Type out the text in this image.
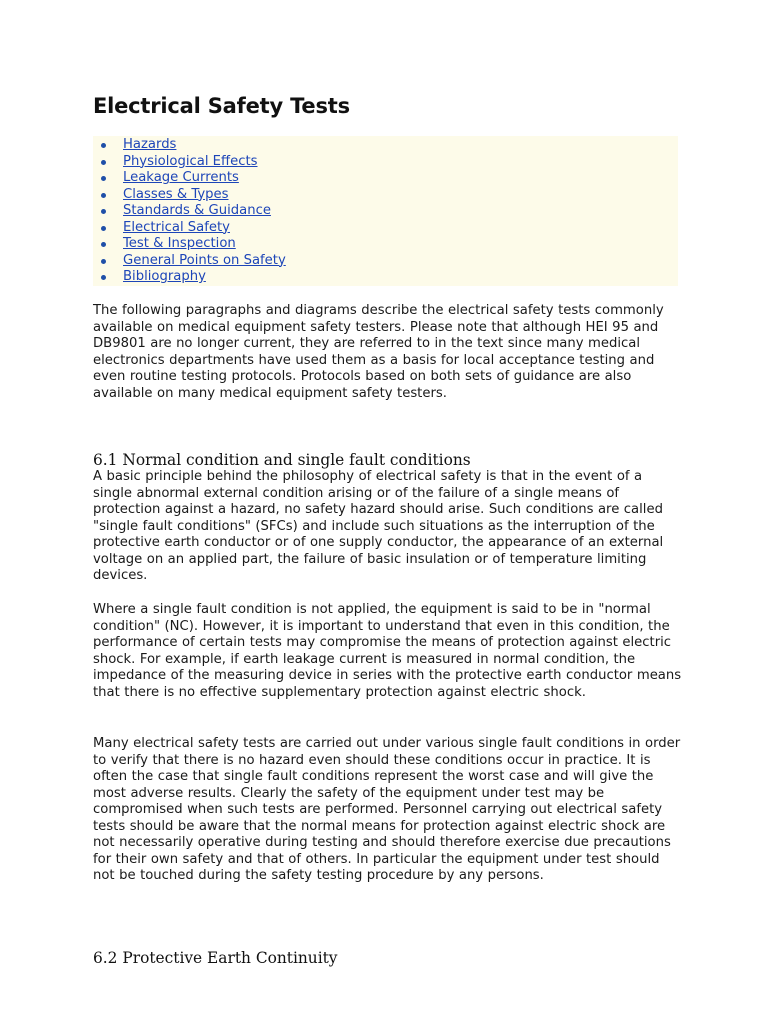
Electrical Safety Tests
Hazards
Physiological Effects
Leakage Currents
Classes & Types
Standards & Guidance
Electrical Safety
Test & Inspection
General Points on Safety
Bibliography

The following paragraphs and diagrams describe the electrical safety tests commonly available on medical equipment safety testers. Please note that although HEI 95 and DB9801 are no longer current, they are referred to in the text since many medical electronics departments have used them as a basis for local acceptance testing and even routine testing protocols. Protocols based on both sets of guidance are also available on many medical equipment safety testers.

6.1 Normal condition and single fault conditions

A basic principle behind the philosophy of electrical safety is that in the event of a single abnormal external condition arising or of the failure of a single means of protection against a hazard, no safety hazard should arise. Such conditions are called "single fault conditions" (SFCs) and include such situations as the interruption of the protective earth conductor or of one supply conductor, the appearance of an external voltage on an applied part, the failure of basic insulation or of temperature limiting devices.

Where a single fault condition is not applied, the equipment is said to be in "normal condition" (NC). However, it is important to understand that even in this condition, the performance of certain tests may compromise the means of protection against electric shock. For example, if earth leakage current is measured in normal condition, the impedance of the measuring device in series with the protective earth conductor means that there is no effective supplementary protection against electric shock.

Many electrical safety tests are carried out under various single fault conditions in order to verify that there is no hazard even should these conditions occur in practice. It is often the case that single fault conditions represent the worst case and will give the most adverse results. Clearly the safety of the equipment under test may be compromised when such tests are performed. Personnel carrying out electrical safety tests should be aware that the normal means for protection against electric shock are not necessarily operative during testing and should therefore exercise due precautions for their own safety and that of others. In particular the equipment under test should not be touched during the safety testing procedure by any persons.

6.2 Protective Earth Continuity
